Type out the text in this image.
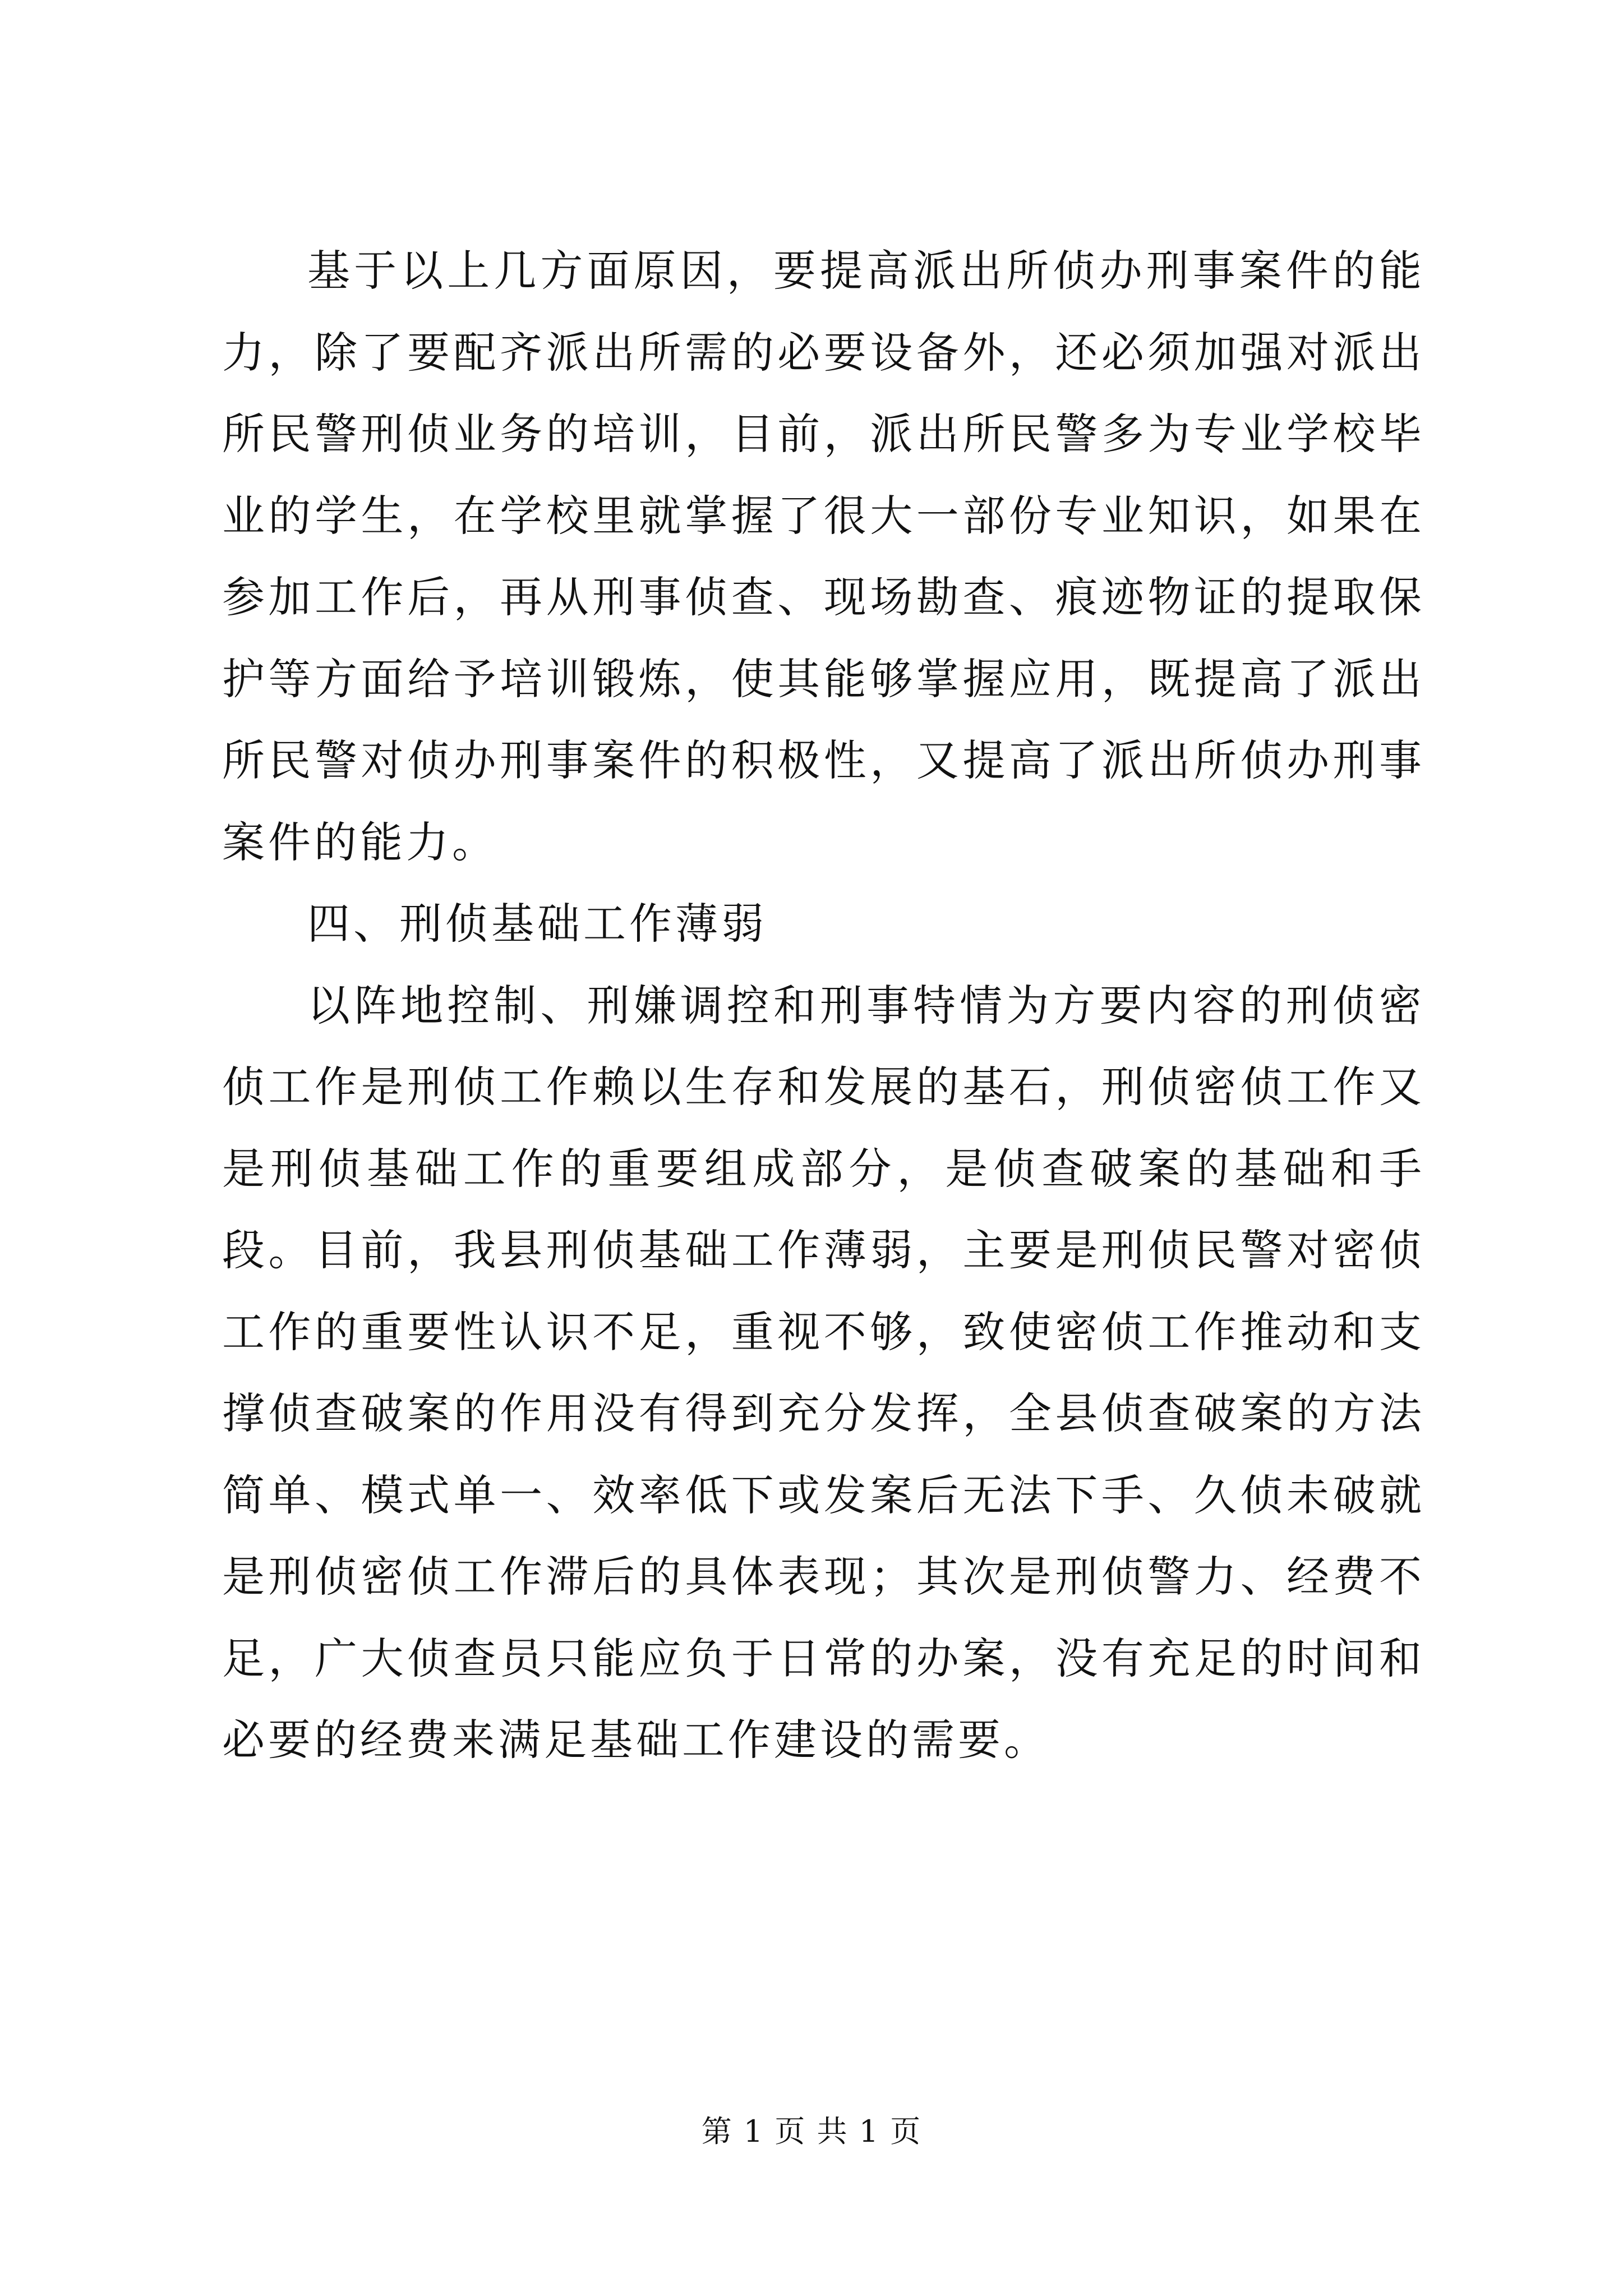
基于以上几方面原因，要提高派出所侦办刑事案件的能力，除了要配齐派出所需的必要设备外，还必须加强对派出所民警刑侦业务的培训，目前，派出所民警多为专业学校毕业的学生，在学校里就掌握了很大一部份专业知识，如果在参加工作后，再从刑事侦查、现场勘查、痕迹物证的提取保护等方面给予培训锻炼，使其能够掌握应用，既提高了派出所民警对侦办刑事案件的积极性，又提高了派出所侦办刑事案件的能力。

四、刑侦基础工作薄弱

以阵地控制、刑嫌调控和刑事特情为方要内容的刑侦密侦工作是刑侦工作赖以生存和发展的基石，刑侦密侦工作又是刑侦基础工作的重要组成部分，是侦查破案的基础和手段。目前，我县刑侦基础工作薄弱，主要是刑侦民警对密侦工作的重要性认识不足，重视不够，致使密侦工作推动和支撑侦查破案的作用没有得到充分发挥，全县侦查破案的方法简单、模式单一、效率低下或发案后无法下手、久侦未破就是刑侦密侦工作滞后的具体表现；其次是刑侦警力、经费不足，广大侦查员只能应负于日常的办案，没有充足的时间和必要的经费来满足基础工作建设的需要。

第 1 页 共 1 页
